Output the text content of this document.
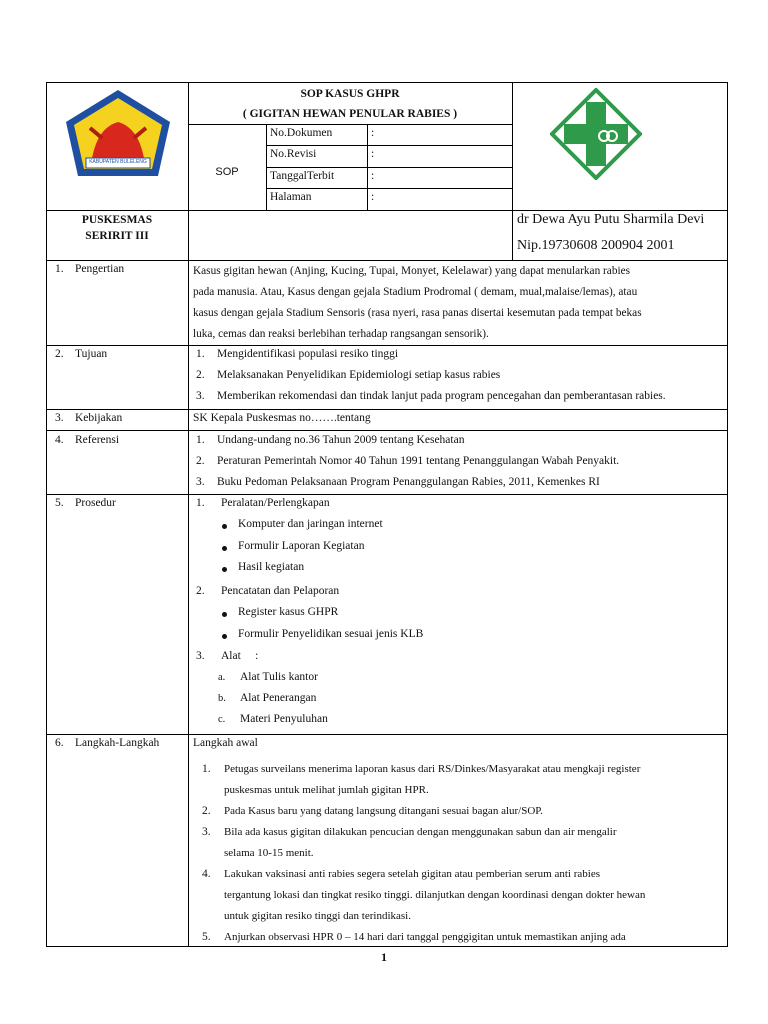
KABUPATEN BULELENG
SOP KASUS GHPR
( GIGITAN HEWAN PENULAR RABIES )
SOP
No.Dokumen	:
No.Revisi	:
TanggalTerbit	:
Halaman	:
PUSKESMAS
SERIRIT III
dr Dewa Ayu Putu Sharmila Devi
Nip.19730608 200904 2001
1. Pengertian	Kasus gigitan hewan (Anjing, Kucing, Tupai, Monyet, Kelelawar) yang dapat menularkan rabies
pada manusia. Atau, Kasus dengan gejala Stadium Prodromal ( demam, mual,malaise/lemas), atau
kasus dengan gejala Stadium Sensoris (rasa nyeri, rasa panas disertai kesemutan pada tempat bekas
luka, cemas dan reaksi berlebihan terhadap rangsangan sensorik).
2. Tujuan	1. Mengidentifikasi populasi resiko tinggi
2. Melaksanakan Penyelidikan Epidemiologi setiap kasus rabies
3. Memberikan rekomendasi dan tindak lanjut pada program pencegahan dan pemberantasan rabies.
3. Kebijakan	SK Kepala Puskesmas no…….tentang
4. Referensi	1. Undang-undang no.36 Tahun 2009 tentang Kesehatan
2. Peraturan Pemerintah Nomor 40 Tahun 1991 tentang Penanggulangan Wabah Penyakit.
3. Buku Pedoman Pelaksanaan Program Penanggulangan Rabies, 2011, Kemenkes RI
5. Prosedur	1. Peralatan/Perlengkapan
Komputer dan jaringan internet
Formulir Laporan Kegiatan
Hasil kegiatan
2. Pencatatan dan Pelaporan
Register kasus GHPR
Formulir Penyelidikan sesuai jenis KLB
3. Alat     :
a. Alat Tulis kantor
b. Alat Penerangan
c. Materi Penyuluhan
6. Langkah-Langkah	Langkah awal
1. Petugas surveilans menerima laporan kasus dari RS/Dinkes/Masyarakat atau mengkaji register
puskesmas untuk melihat jumlah gigitan HPR.
2. Pada Kasus baru yang datang langsung ditangani sesuai bagan alur/SOP.
3. Bila ada kasus gigitan dilakukan pencucian dengan menggunakan sabun dan air mengalir
selama 10-15 menit.
4. Lakukan vaksinasi anti rabies segera setelah gigitan atau pemberian serum anti rabies
tergantung lokasi dan tingkat resiko tinggi. dilanjutkan dengan koordinasi dengan dokter hewan
untuk gigitan resiko tinggi dan terindikasi.
5. Anjurkan observasi HPR 0 – 14 hari dari tanggal penggigitan untuk memastikan anjing ada
1
